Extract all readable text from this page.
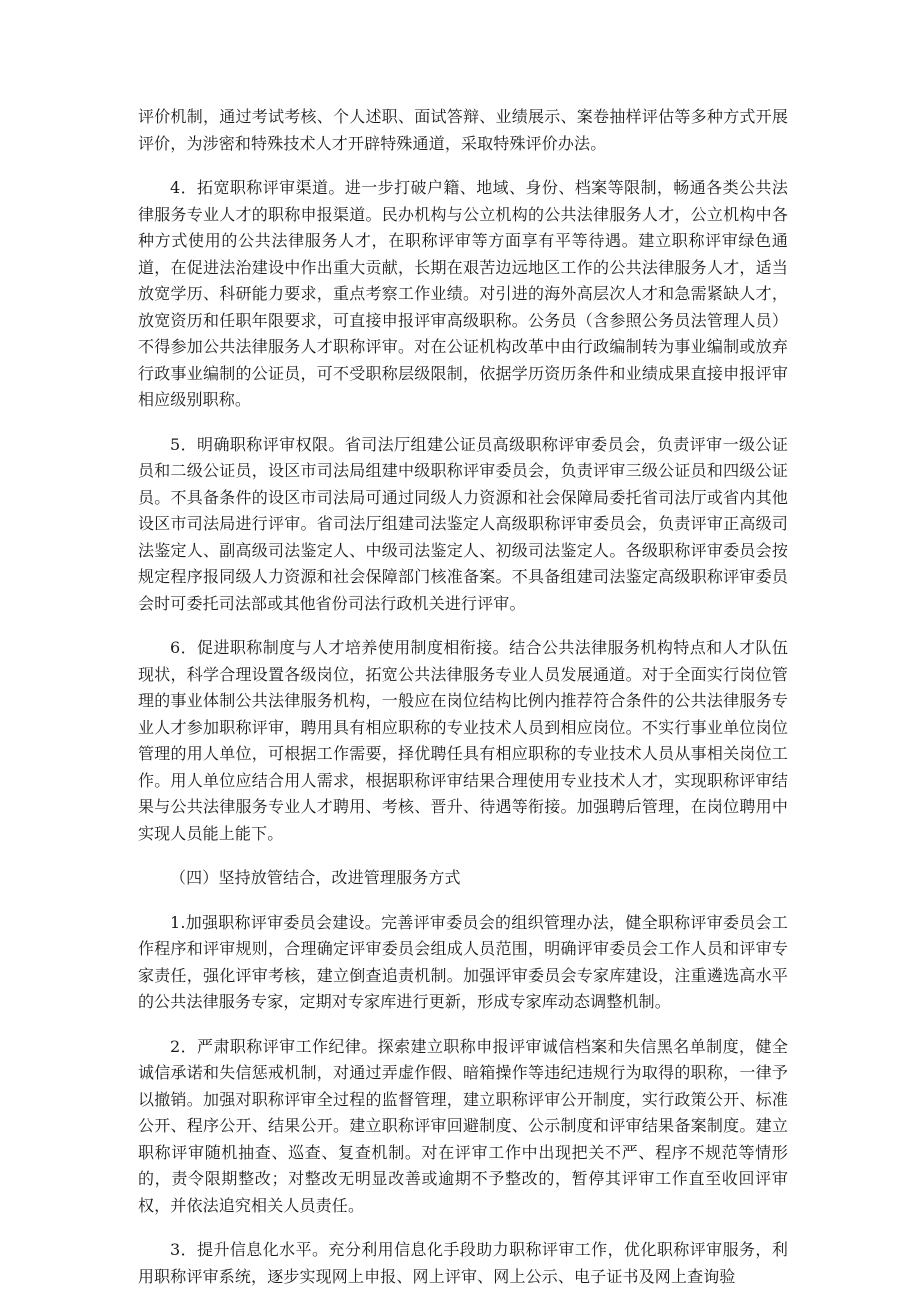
评价机制，通过考试考核、个人述职、面试答辩、业绩展示、案卷抽样评估等多种方式开展评价，为涉密和特殊技术人才开辟特殊通道，采取特殊评价办法。

4．拓宽职称评审渠道。进一步打破户籍、地域、身份、档案等限制，畅通各类公共法律服务专业人才的职称申报渠道。民办机构与公立机构的公共法律服务人才，公立机构中各种方式使用的公共法律服务人才，在职称评审等方面享有平等待遇。建立职称评审绿色通道，在促进法治建设中作出重大贡献，长期在艰苦边远地区工作的公共法律服务人才，适当放宽学历、科研能力要求，重点考察工作业绩。对引进的海外高层次人才和急需紧缺人才，放宽资历和任职年限要求，可直接申报评审高级职称。公务员（含参照公务员法管理人员）不得参加公共法律服务人才职称评审。对在公证机构改革中由行政编制转为事业编制或放弃行政事业编制的公证员，可不受职称层级限制，依据学历资历条件和业绩成果直接申报评审相应级别职称。

5．明确职称评审权限。省司法厅组建公证员高级职称评审委员会，负责评审一级公证员和二级公证员，设区市司法局组建中级职称评审委员会，负责评审三级公证员和四级公证员。不具备条件的设区市司法局可通过同级人力资源和社会保障局委托省司法厅或省内其他设区市司法局进行评审。省司法厅组建司法鉴定人高级职称评审委员会，负责评审正高级司法鉴定人、副高级司法鉴定人、中级司法鉴定人、初级司法鉴定人。各级职称评审委员会按规定程序报同级人力资源和社会保障部门核准备案。不具备组建司法鉴定高级职称评审委员会时可委托司法部或其他省份司法行政机关进行评审。

6．促进职称制度与人才培养使用制度相衔接。结合公共法律服务机构特点和人才队伍现状，科学合理设置各级岗位，拓宽公共法律服务专业人员发展通道。对于全面实行岗位管理的事业体制公共法律服务机构，一般应在岗位结构比例内推荐符合条件的公共法律服务专业人才参加职称评审，聘用具有相应职称的专业技术人员到相应岗位。不实行事业单位岗位管理的用人单位，可根据工作需要，择优聘任具有相应职称的专业技术人员从事相关岗位工作。用人单位应结合用人需求，根据职称评审结果合理使用专业技术人才，实现职称评审结果与公共法律服务专业人才聘用、考核、晋升、待遇等衔接。加强聘后管理，在岗位聘用中实现人员能上能下。

（四）坚持放管结合，改进管理服务方式

1.加强职称评审委员会建设。完善评审委员会的组织管理办法，健全职称评审委员会工作程序和评审规则，合理确定评审委员会组成人员范围，明确评审委员会工作人员和评审专家责任，强化评审考核，建立倒查追责机制。加强评审委员会专家库建设，注重遴选高水平的公共法律服务专家，定期对专家库进行更新，形成专家库动态调整机制。

2．严肃职称评审工作纪律。探索建立职称申报评审诚信档案和失信黑名单制度，健全诚信承诺和失信惩戒机制，对通过弄虚作假、暗箱操作等违纪违规行为取得的职称，一律予以撤销。加强对职称评审全过程的监督管理，建立职称评审公开制度，实行政策公开、标准公开、程序公开、结果公开。建立职称评审回避制度、公示制度和评审结果备案制度。建立职称评审随机抽查、巡查、复查机制。对在评审工作中出现把关不严、程序不规范等情形的，责令限期整改；对整改无明显改善或逾期不予整改的，暂停其评审工作直至收回评审权，并依法追究相关人员责任。

3．提升信息化水平。充分利用信息化手段助力职称评审工作，优化职称评审服务，利用职称评审系统，逐步实现网上申报、网上评审、网上公示、电子证书及网上查询验
